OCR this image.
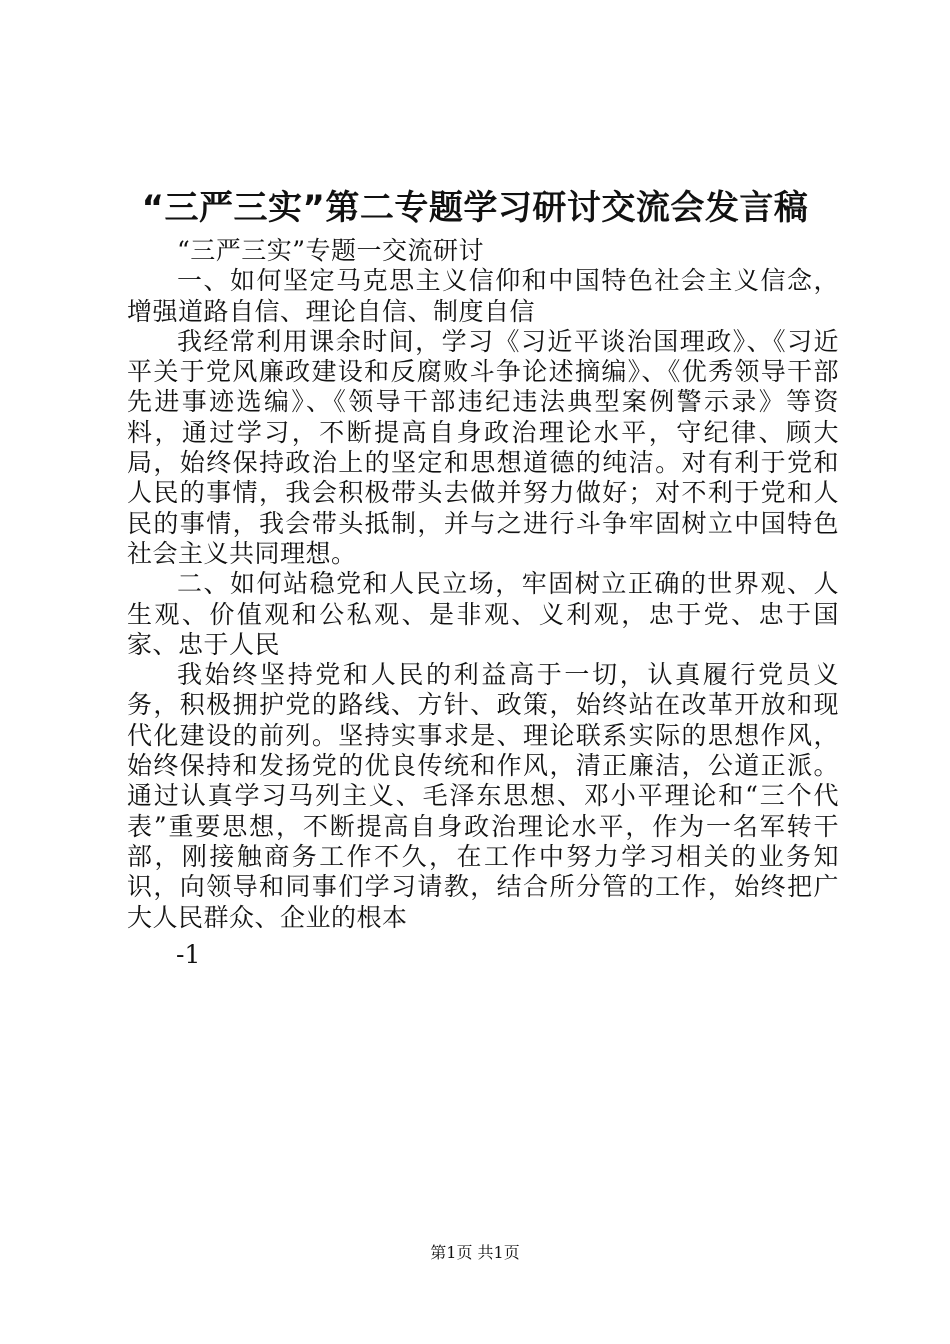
“三严三实”第二专题学习研讨交流会发言稿

“三严三实”专题一交流研讨

一、如何坚定马克思主义信仰和中国特色社会主义信念，增强道路自信、理论自信、制度自信

我经常利用课余时间，学习《习近平谈治国理政》、《习近平关于党风廉政建设和反腐败斗争论述摘编》、《优秀领导干部先进事迹选编》、《领导干部违纪违法典型案例警示录》等资料，通过学习，不断提高自身政治理论水平，守纪律、顾大局，始终保持政治上的坚定和思想道德的纯洁。对有利于党和人民的事情，我会积极带头去做并努力做好；对不利于党和人民的事情，我会带头抵制，并与之进行斗争牢固树立中国特色社会主义共同理想。

二、如何站稳党和人民立场，牢固树立正确的世界观、人生观、价值观和公私观、是非观、义利观，忠于党、忠于国家、忠于人民

我始终坚持党和人民的利益高于一切，认真履行党员义务，积极拥护党的路线、方针、政策，始终站在改革开放和现代化建设的前列。坚持实事求是、理论联系实际的思想作风，始终保持和发扬党的优良传统和作风，清正廉洁，公道正派。通过认真学习马列主义、毛泽东思想、邓小平理论和“三个代表”重要思想，不断提高自身政治理论水平，作为一名军转干部，刚接触商务工作不久，在工作中努力学习相关的业务知识，向领导和同事们学习请教，结合所分管的工作，始终把广大人民群众、企业的根本

-1
第1页 共1页
